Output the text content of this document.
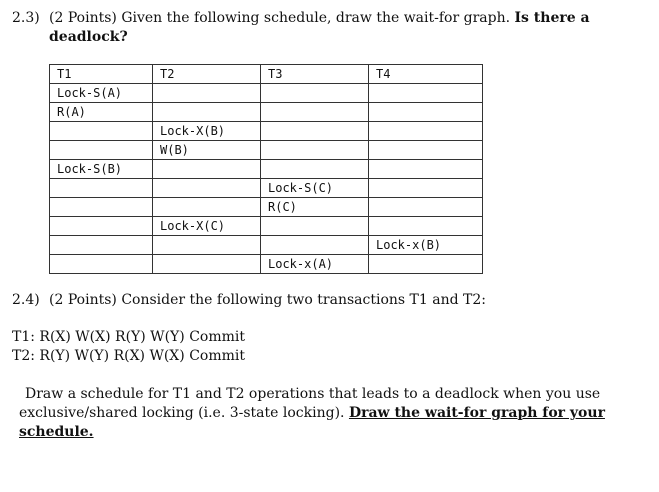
2.3) (2 Points) Given the following schedule, draw the wait-for graph. Is there a
deadlock?
T1	T2	T3	T4
Lock-S(A)			
R(A)			
	Lock-X(B)		
	W(B)		
Lock-S(B)			
		Lock-S(C)	
		R(C)	
	Lock-X(C)		
			Lock-x(B)
		Lock-x(A)	
2.4) (2 Points) Consider the following two transactions T1 and T2:
T1: R(X) W(X) R(Y) W(Y) Commit
T2: R(Y) W(Y) R(X) W(X) Commit
Draw a schedule for T1 and T2 operations that leads to a deadlock when you use
exclusive/shared locking (i.e. 3-state locking). Draw the wait-for graph for your
schedule.
